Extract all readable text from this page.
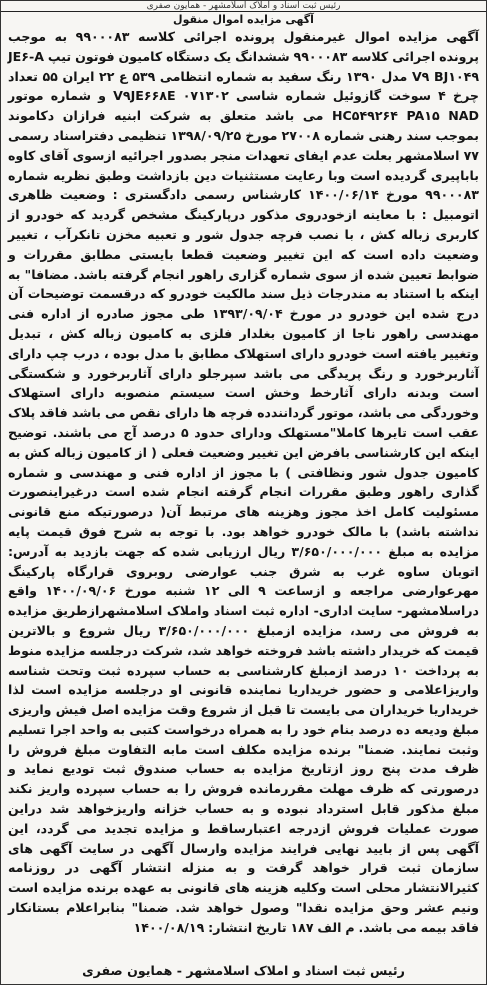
رئیس ثبت اسناد و املاک اسلامشهر - همایون صفری
آگهی مزایده اموال منقول

آگهی مزایده اموال غیرمنقول پرونده اجرائی کلاسه ۹۹۰۰۰۸۳ به موجب پرونده اجرائی کلاسه ۹۹۰۰۰۸۳ ششدانگ یک دستگاه کامیون فوتون تیپ JE۶-A V۹ BJ۱۰۴۹ مدل ۱۳۹۰ رنگ سفید به شماره انتظامی ۵۳۹ ع ۲۲ ایران ۵۵ تعداد چرخ ۴ سوخت گازوئیل شماره شاسی ۰۷۱۳۰۲ V۹JE۶۶۸E و شماره موتور HC۵۴۹۲۶۴ PA۱۵ NAD می باشد متعلق به شرکت ابنیه فرازان دکاموند بموجب سند رهنی شماره ۲۷۰۰۸ مورخ ۱۳۹۸/۰۹/۲۵ تنظیمی دفتراسناد رسمی ۷۷ اسلامشهر بعلت عدم ایفای تعهدات منجر بصدور اجرائیه ازسوی آقای کاوه باباپیری گردیده است وبا رعایت مستثنیات دین بازداشت وطبق نظریه شماره ۹۹۰۰۰۸۳ مورخ ۱۴۰۰/۰۶/۱۴ کارشناس رسمی دادگستری : وضعیت ظاهری اتومبیل : با معاینه ازخودروی مذکور درپارکینگ مشخص گردید که خودرو از کاربری زباله کش ، با نصب فرچه جدول شور و تعبیه مخزن تانکرآب ، تغییر وضعیت داده است که این تغییر وضعیت قطعا بایستی مطابق مقررات و ضوابط تعیین شده از سوی شماره گزاری راهور انجام گرفته باشد. مضافا" به اینکه با استناد به مندرجات ذیل سند مالکیت خودرو که درقسمت توضیحات آن درج شده این خودرو در مورخ ۱۳۹۳/۰۹/۰۴ طی مجوز صادره از اداره فنی مهندسی راهور ناجا از کامیون بغلدار فلزی به کامیون زباله کش ، تبدیل وتغییر یافته است خودرو دارای استهلاک مطابق با مدل بوده ، درب چپ دارای آثاربرخورد و رنگ پریدگی می باشد سپرجلو دارای آثاربرخورد و شکستگی است وبدنه دارای آثارخط وخش است سیستم منصوبه دارای استهلاک وخوردگی می باشد، موتور گردانندده فرچه ها دارای نقص می باشد فاقد پلاک عقب است تایرها کاملا"مستهلک ودارای حدود ۵ درصد آج می باشند. توضیح اینکه این کارشناسی بافرض این تغییر وضعیت فعلی ( از کامیون زباله کش به کامیون جدول شور ونظافتی ) با مجوز از اداره فنی و مهندسی و شماره گذاری راهور وطبق مقررات انجام گرفته انجام شده است درغیراینصورت مسئولیت کامل اخذ مجوز وهزینه های مرتبط آن( درصورتیکه منع قانونی نداشته باشد) با مالک خودرو خواهد بود. با توجه به شرح فوق قیمت پایه مزایده به مبلغ ۳/۶۵۰/۰۰۰/۰۰۰ ریال ارزیابی شده که جهت بازدید به آدرس: اتوبان ساوه غرب به شرق جنب عوارضی روبروی قرارگاه پارکینگ مهرعوارضی مراجعه و ازساعت ۹ الی ۱۲ شنبه مورخ ۱۴۰۰/۰۹/۰۶ واقع دراسلامشهر- سایت اداری- اداره ثبت اسناد واملاک اسلامشهرازطریق مزایده به فروش می رسد، مزایده ازمبلغ ۳/۶۵۰/۰۰۰/۰۰۰ ریال شروع و بالاترین قیمت که خریدار داشته باشد فروخته خواهد شد، شرکت درجلسه مزایده منوط به پرداخت ۱۰ درصد ازمبلغ کارشناسی به حساب سپرده ثبت وتحت شناسه واریزاعلامی و حضور خریداریا نماینده قانونی او درجلسه مزایده است لذا خریداریا خریداران می بایست تا قبل از شروع وقت مزایده اصل فیش واریزی مبلغ ودیعه ده درصد بنام خود را به همراه درخواست کتبی به واحد اجرا تسلیم وثبت نمایند. ضمنا" برنده مزایده مکلف است مابه التفاوت مبلغ فروش را ظرف مدت پنج روز ازتاریخ مزایده به حساب صندوق ثبت تودیع نماید و درصورتی که ظرف مهلت مقررمانده فروش را به حساب سپرده واریز نکند مبلغ مذکور قابل استرداد نبوده و به حساب خزانه واریزخواهد شد دراین صورت عملیات فروش ازدرجه اعتبارساقط و مزایده تجدید می گردد، این آگهی پس از بایید نهایی فرایند مزایده وارسال آگهی در سایت آگهی های سازمان ثبت قرار خواهد گرفت و به منزله انتشار آگهی در روزنامه کثیرالانتشار محلی است وکلیه هزینه های قانونی به عهده برنده مزایده است ونیم عشر وحق مزایده نقدا" وصول خواهد شد. ضمنا" بنابراعلام بستانکار فاقد بیمه می باشد. م الف ۱۸۷ تاریخ انتشار: ۱۴۰۰/۰۸/۱۹

رئیس ثبت اسناد و املاک اسلامشهر - همایون صفری
